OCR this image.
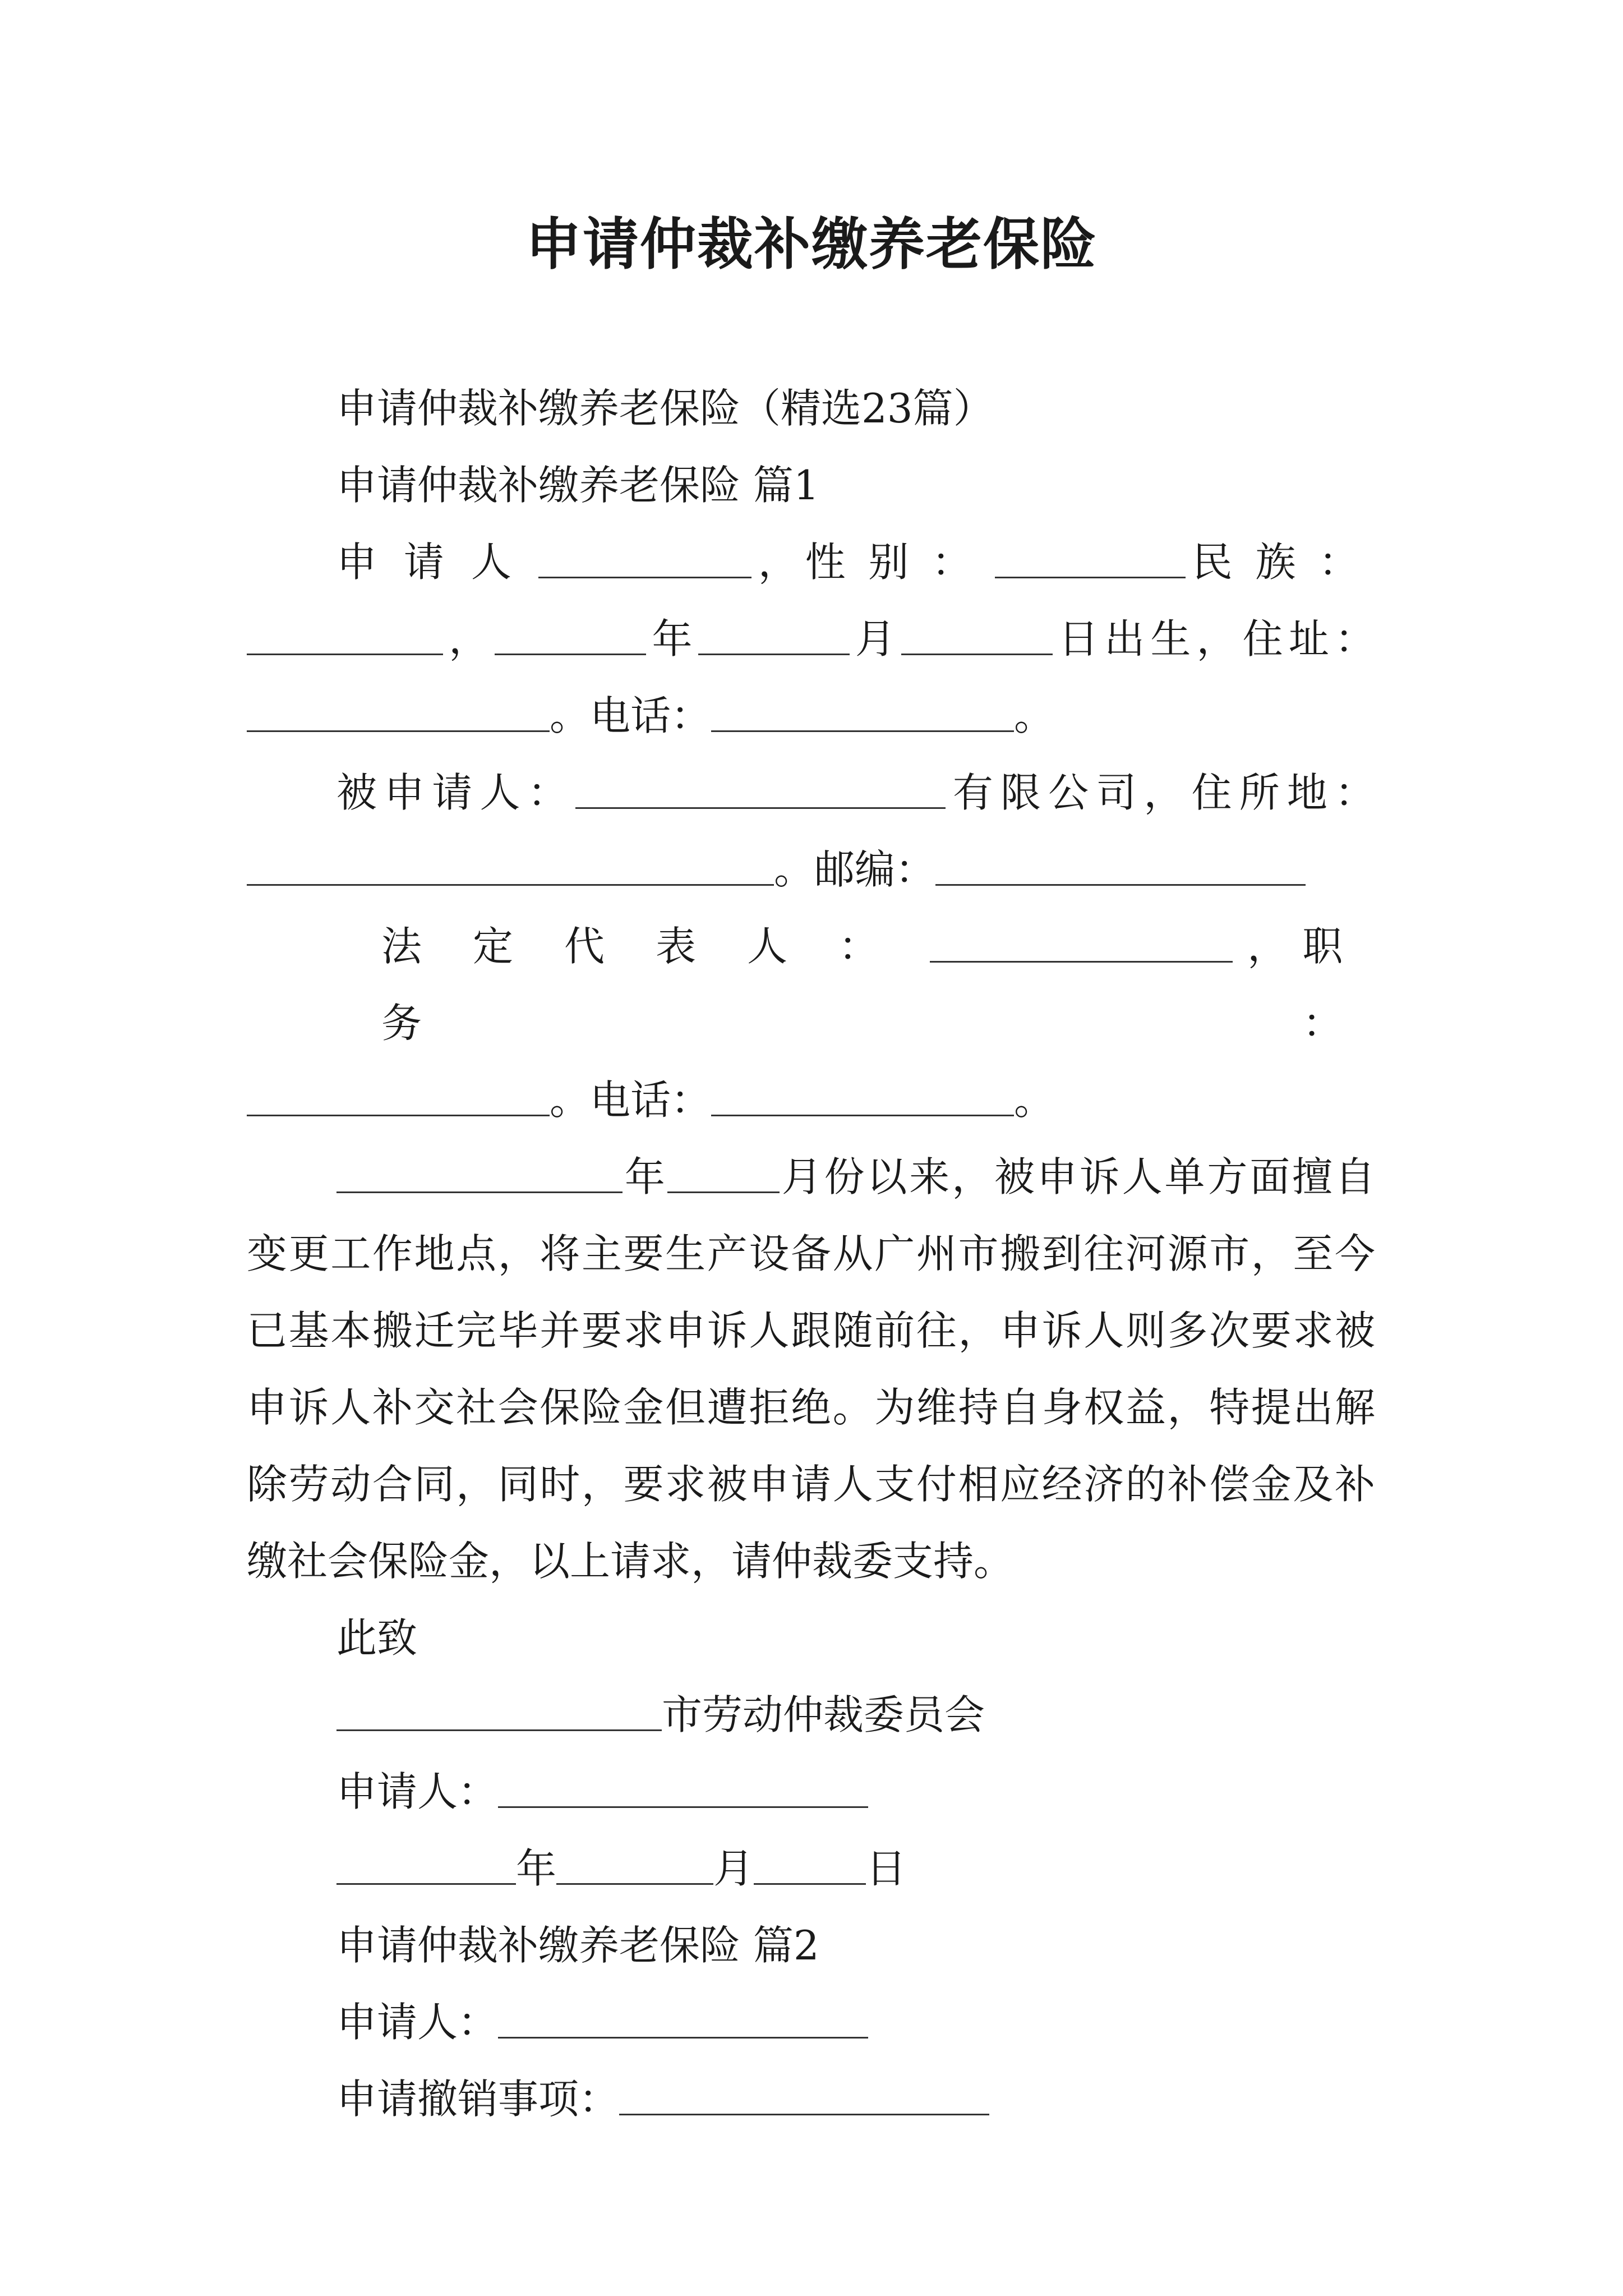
申请仲裁补缴养老保险
申请仲裁补缴养老保险（精选23篇）
申请仲裁补缴养老保险 篇1
申请人	，性别：	民族：
，	年	月	日出生，住址：
。电话：	。
被申请人：	有限公司，住所地：
。邮编：
法定代表人：	，职务：
。电话：	。
年	月份以来，被申诉人单方面擅自变更工作地点，将主要生产设备从广州市搬到往河源市，至今已基本搬迁完毕并要求申诉人跟随前往，申诉人则多次要求被申诉人补交社会保险金但遭拒绝。为维持自身权益，特提出解除劳动合同，同时，要求被申请人支付相应经济的补偿金及补缴社会保险金，以上请求，请仲裁委支持。
此致
市劳动仲裁委员会
申请人：
年	月	日
申请仲裁补缴养老保险 篇2
申请人：
申请撤销事项：
